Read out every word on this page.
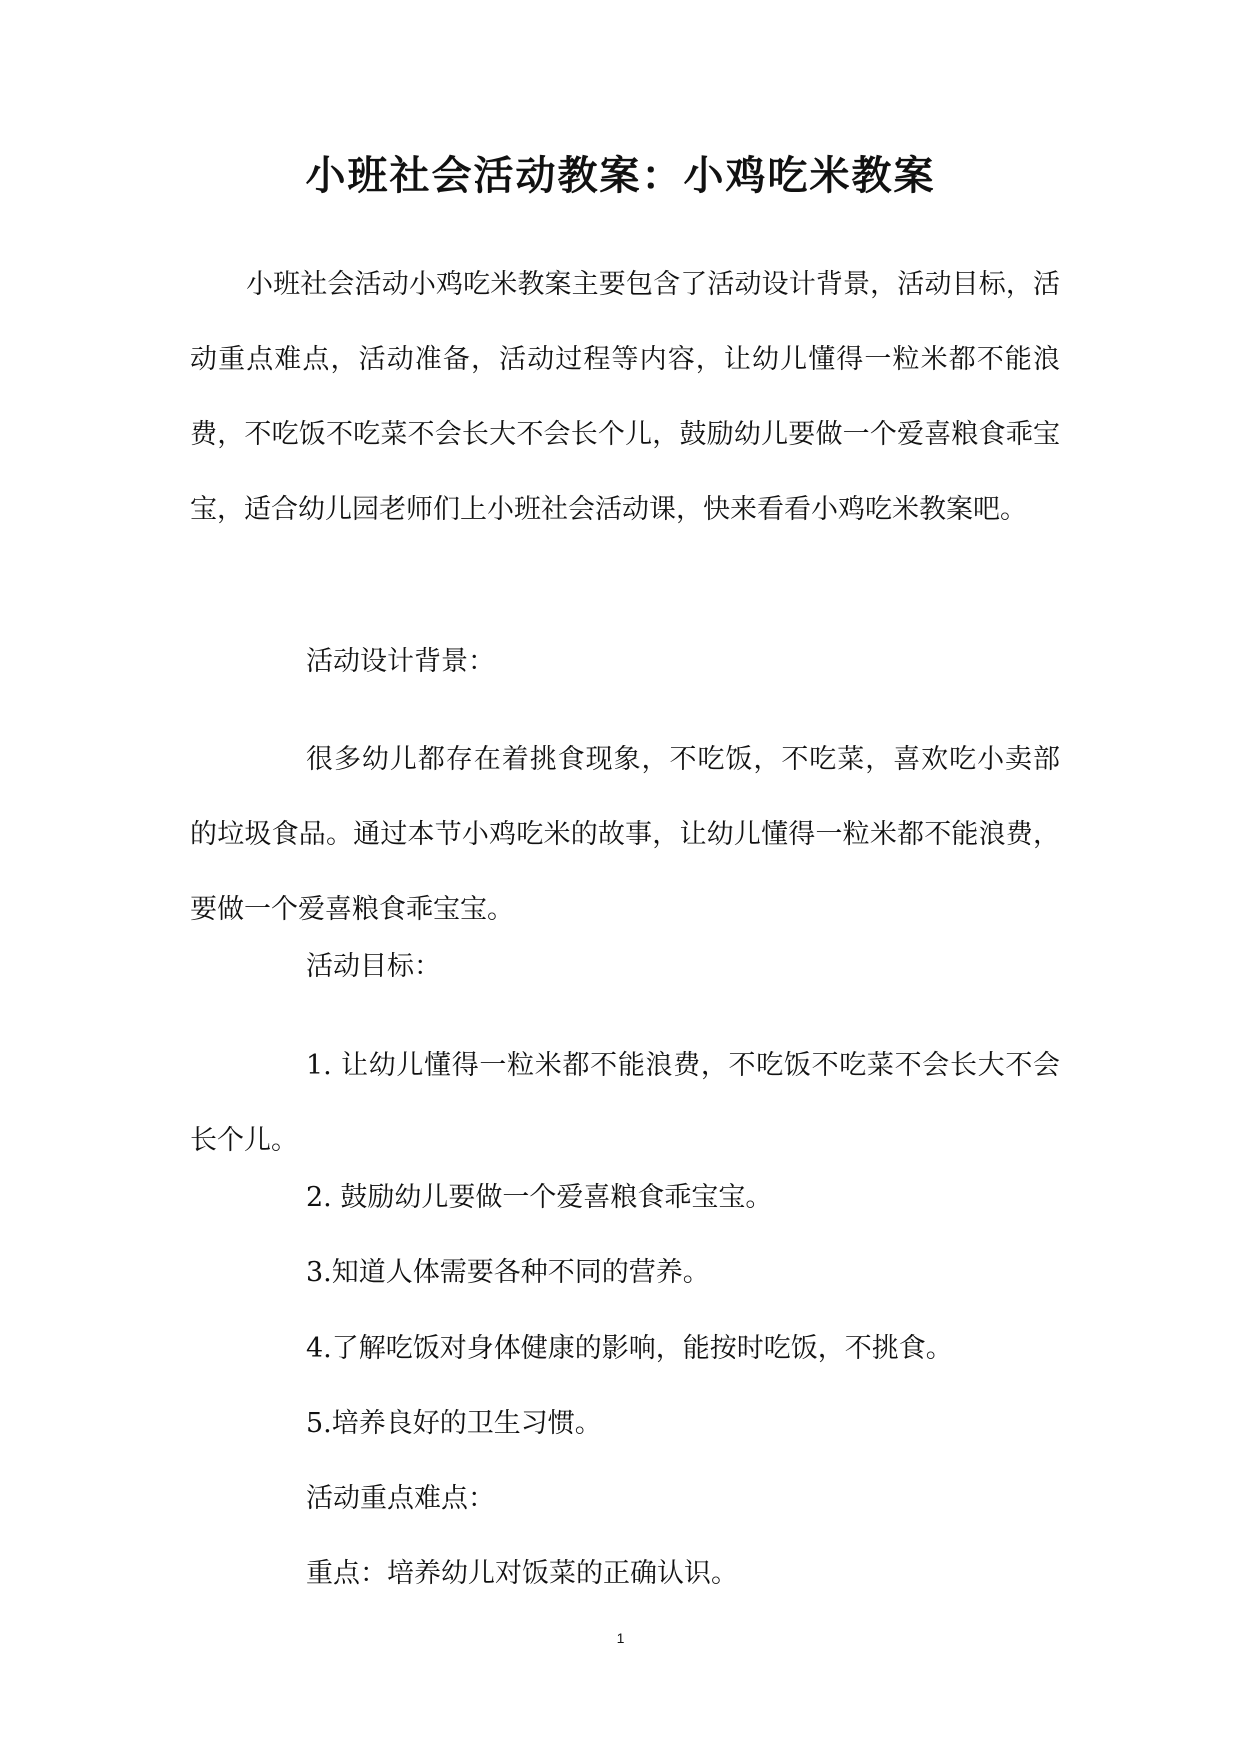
小班社会活动教案：小鸡吃米教案
小班社会活动小鸡吃米教案主要包含了活动设计背景，活动目标，活动重点难点，活动准备，活动过程等内容，让幼儿懂得一粒米都不能浪费，不吃饭不吃菜不会长大不会长个儿，鼓励幼儿要做一个爱喜粮食乖宝宝，适合幼儿园老师们上小班社会活动课，快来看看小鸡吃米教案吧。
活动设计背景：
很多幼儿都存在着挑食现象，不吃饭，不吃菜，喜欢吃小卖部的垃圾食品。通过本节小鸡吃米的故事，让幼儿懂得一粒米都不能浪费，要做一个爱喜粮食乖宝宝。
活动目标：
1. 让幼儿懂得一粒米都不能浪费，不吃饭不吃菜不会长大不会长个儿。
2. 鼓励幼儿要做一个爱喜粮食乖宝宝。
3.知道人体需要各种不同的营养。
4.了解吃饭对身体健康的影响，能按时吃饭，不挑食。
5.培养良好的卫生习惯。
活动重点难点：
重点：培养幼儿对饭菜的正确认识。
1
